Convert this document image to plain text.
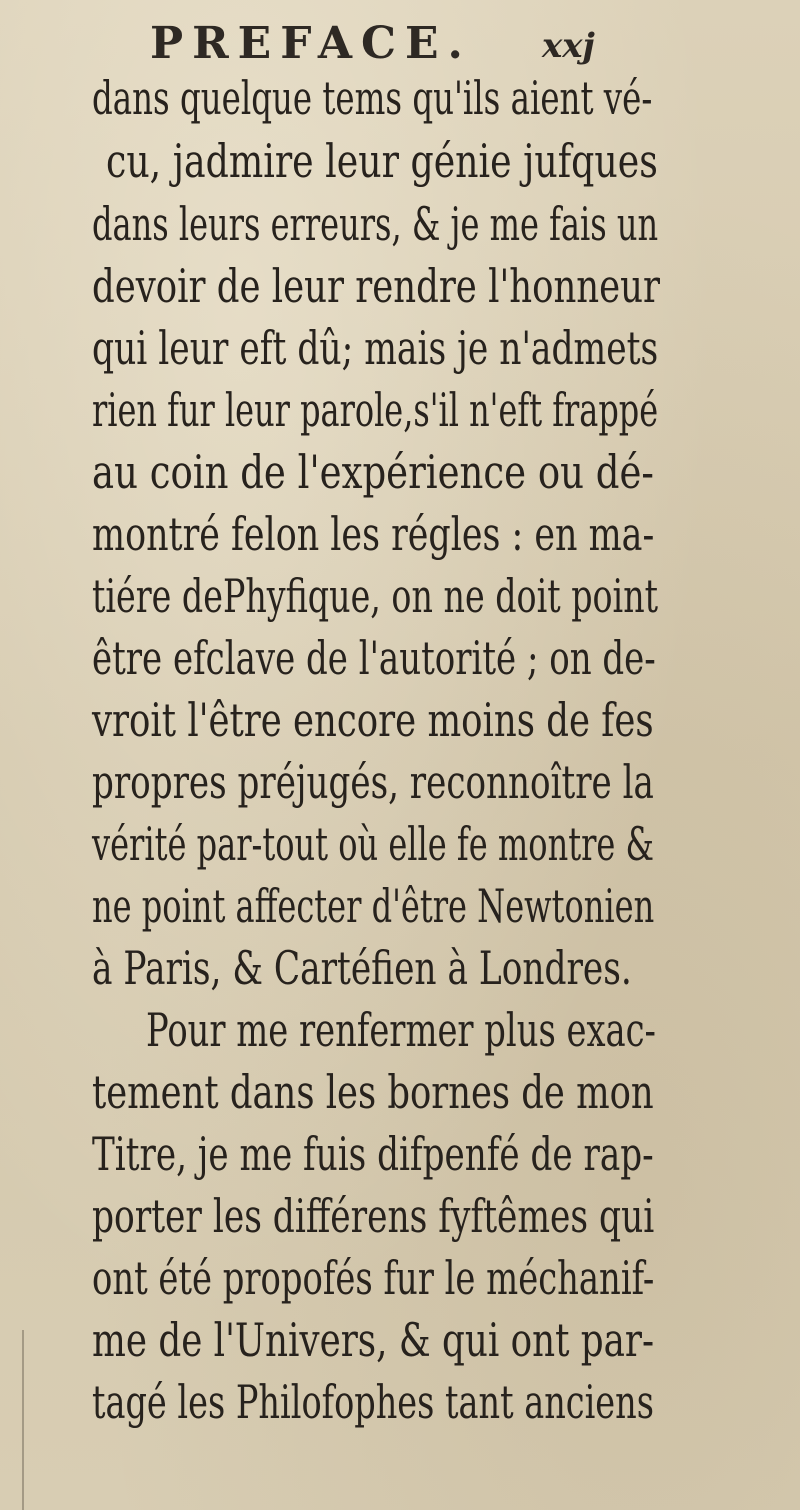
PREFACE. xxj
dans quelque tems qu'ils aient vé-
cu, jadmire leur génie jufques
dans leurs erreurs, & je me fais un
devoir de leur rendre l'honneur
qui leur eft dû; mais je n'admets
rien fur leur parole,s'il n'eft frappé
au coin de l'expérience ou dé-
montré felon les régles : en ma-
tiére dePhyfique, on ne doit point
être efclave de l'autorité ; on de-
vroit l'être encore moins de fes
propres préjugés, reconnoître la
vérité par-tout où elle fe montre &
ne point affecter d'être Newtonien
à Paris, & Cartéfien à Londres.
Pour me renfermer plus exac-
tement dans les bornes de mon
Titre, je me fuis difpenfé de rap-
porter les différens fyftêmes qui
ont été propofés fur le méchanif-
me de l'Univers, & qui ont par-
tagé les Philofophes tant anciens
